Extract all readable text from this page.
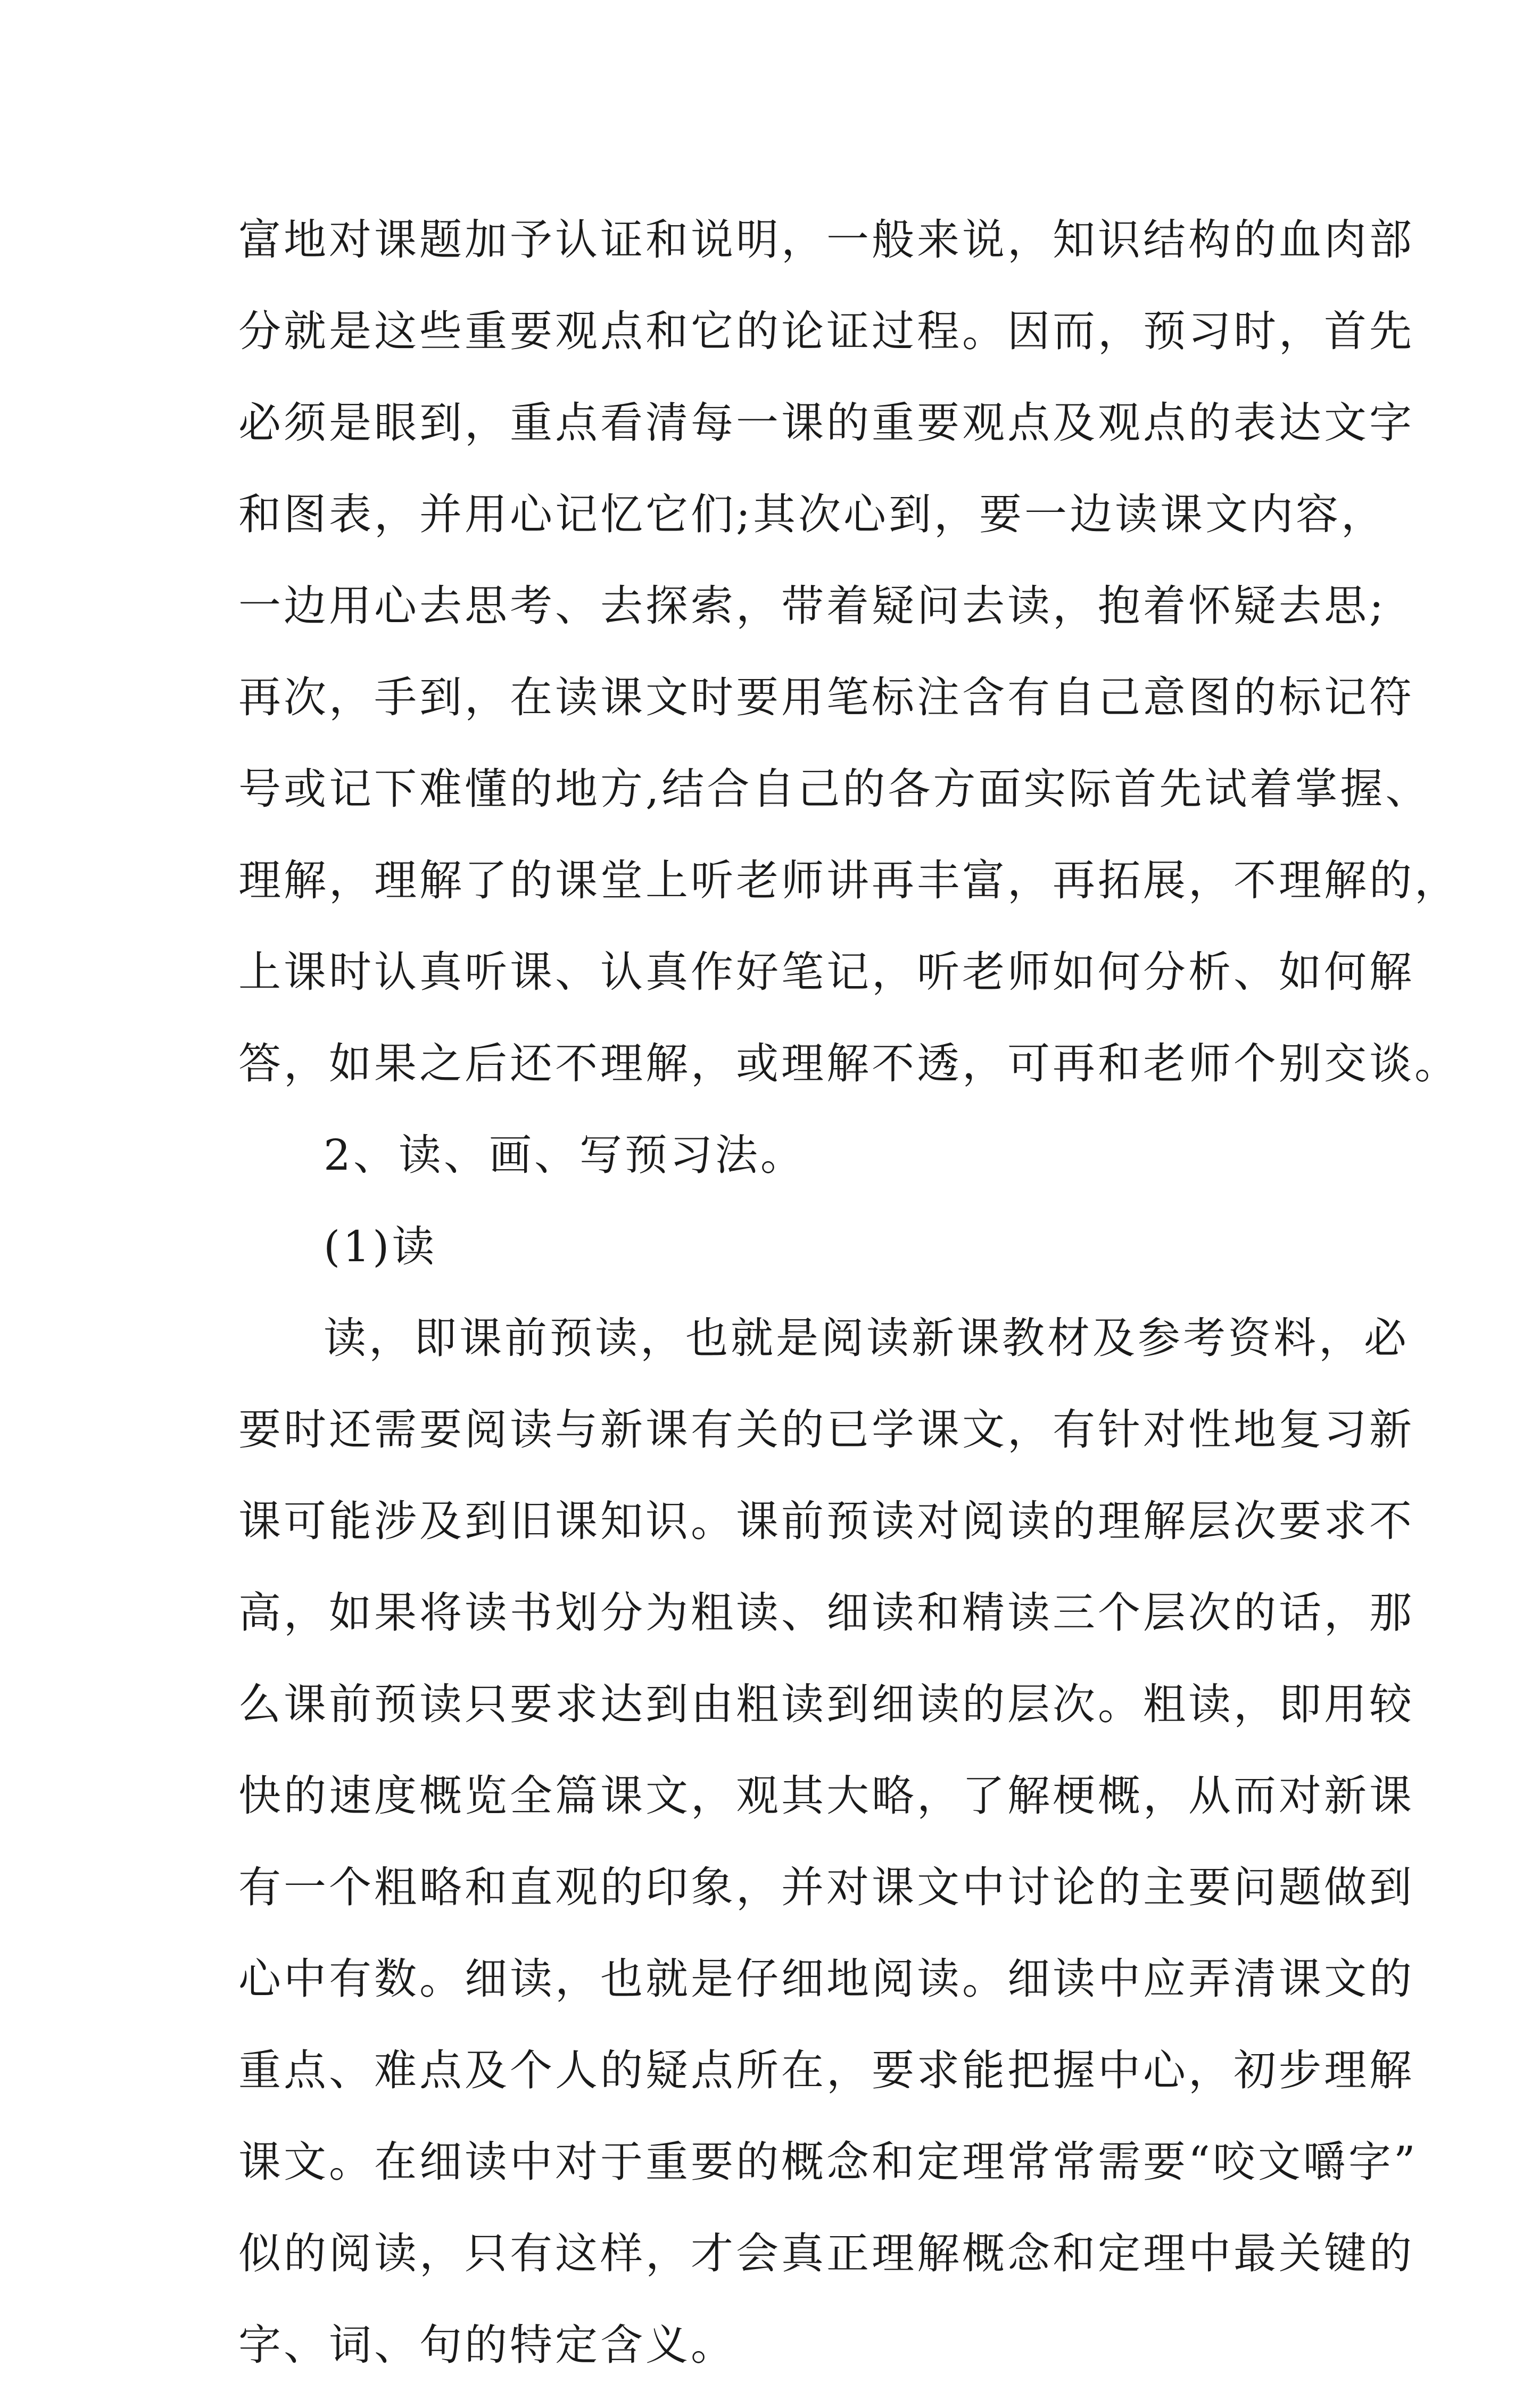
富地对课题加予认证和说明，一般来说，知识结构的血肉部
分就是这些重要观点和它的论证过程。因而，预习时，首先
必须是眼到，重点看清每一课的重要观点及观点的表达文字
和图表，并用心记忆它们;其次心到，要一边读课文内容，
一边用心去思考、去探索，带着疑问去读，抱着怀疑去思;
再次，手到，在读课文时要用笔标注含有自己意图的标记符
号或记下难懂的地方,结合自己的各方面实际首先试着掌握、
理解，理解了的课堂上听老师讲再丰富，再拓展，不理解的，
上课时认真听课、认真作好笔记，听老师如何分析、如何解
答，如果之后还不理解，或理解不透，可再和老师个别交谈。
2、读、画、写预习法。
(1)读
读，即课前预读，也就是阅读新课教材及参考资料，必
要时还需要阅读与新课有关的已学课文，有针对性地复习新
课可能涉及到旧课知识。课前预读对阅读的理解层次要求不
高，如果将读书划分为粗读、细读和精读三个层次的话，那
么课前预读只要求达到由粗读到细读的层次。粗读，即用较
快的速度概览全篇课文，观其大略，了解梗概，从而对新课
有一个粗略和直观的印象，并对课文中讨论的主要问题做到
心中有数。细读，也就是仔细地阅读。细读中应弄清课文的
重点、难点及个人的疑点所在，要求能把握中心，初步理解
课文。在细读中对于重要的概念和定理常常需要“咬文嚼字”
似的阅读，只有这样，才会真正理解概念和定理中最关键的
字、词、句的特定含义。
